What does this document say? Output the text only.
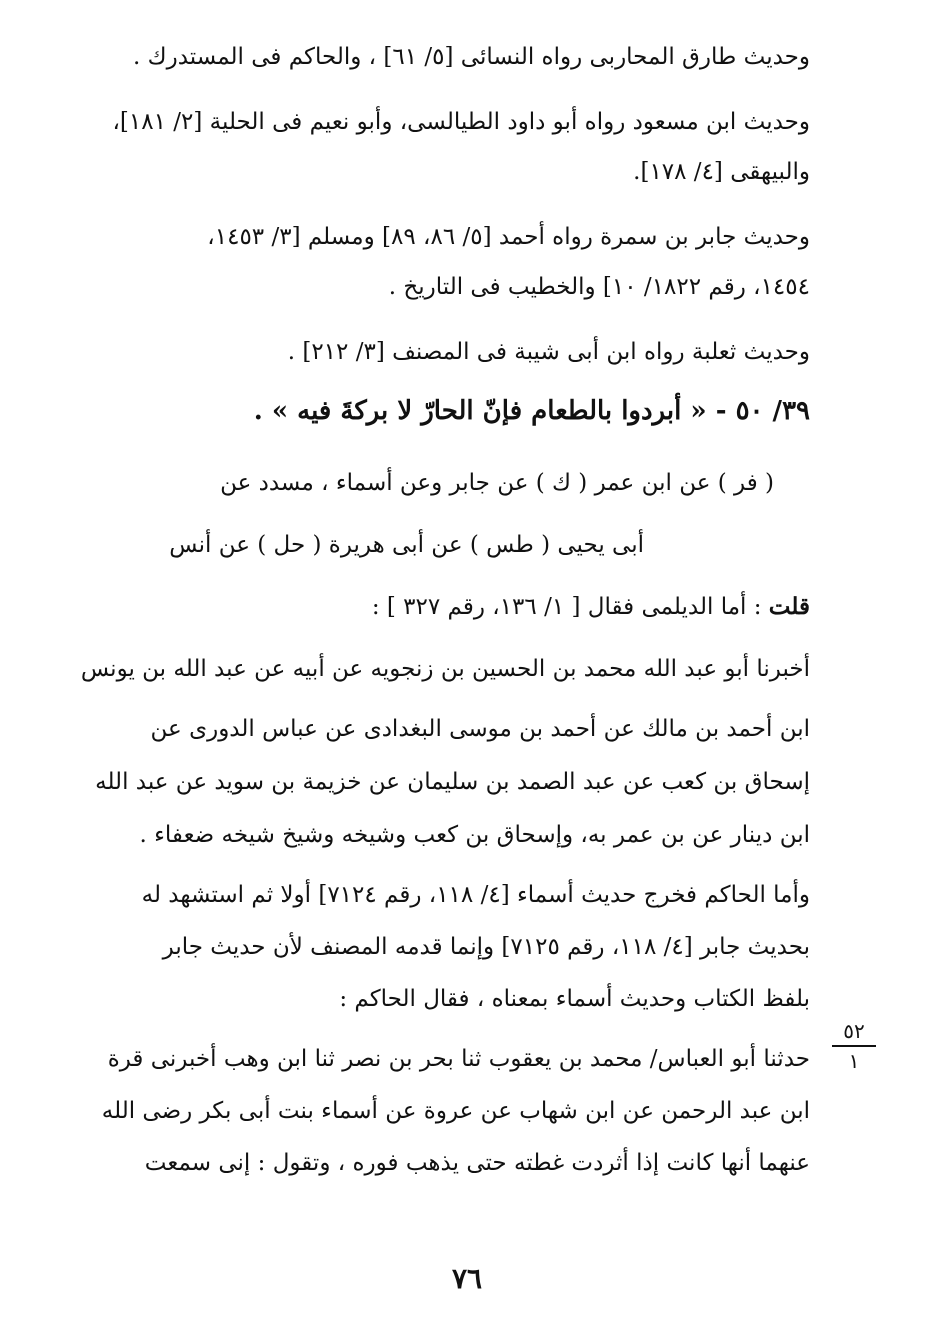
وحديث طارق المحاربى رواه النسائى [٥/ ٦١] ، والحاكم فى المستدرك .

وحديث ابن مسعود رواه أبو داود الطيالسى، وأبو نعيم فى الحلية [٢/ ١٨١]،

والبيهقى [٤/ ١٧٨].

وحديث جابر بن سمرة رواه أحمد [٥/ ٨٦، ٨٩] ومسلم [٣/ ١٤٥٣،

١٤٥٤، رقم ١٨٢٢/ ١٠] والخطيب فى التاريخ .

وحديث ثعلبة رواه ابن أبى شيبة فى المصنف [٣/ ٢١٢] .

٣٩/ ٥٠ - « أبردوا بالطعام فإنّ الحارّ لا بركةَ فيه » .

( فر ) عن ابن عمر ( ك ) عن جابر وعن أسماء ، مسدد عن

أبى يحيى ( طس ) عن أبى هريرة ( حل ) عن أنس

قلت : أما الديلمى فقال [ ١/ ١٣٦، رقم ٣٢٧ ] :

أخبرنا أبو عبد الله محمد بن الحسين بن زنجويه عن أبيه عن عبد الله بن يونس

ابن أحمد بن مالك عن أحمد بن موسى البغدادى عن عباس الدورى عن

إسحاق بن كعب عن عبد الصمد بن سليمان عن خزيمة بن سويد عن عبد الله

ابن دينار عن بن عمر به، وإسحاق بن كعب وشيخه وشيخ شيخه ضعفاء .

وأما الحاكم فخرج حديث أسماء [٤/ ١١٨، رقم ٧١٢٤] أولا ثم استشهد له

بحديث جابر [٤/ ١١٨، رقم ٧١٢٥] وإنما قدمه المصنف لأن حديث جابر

بلفظ الكتاب وحديث أسماء بمعناه ، فقال الحاكم :

٥٢
١

حدثنا أبو العباس/ محمد بن يعقوب ثنا بحر بن نصر ثنا ابن وهب أخبرنى قرة

ابن عبد الرحمن عن ابن شهاب عن عروة عن أسماء بنت أبى بكر رضى الله

عنهما أنها كانت إذا أثردت غطته حتى يذهب فوره ، وتقول : إنى سمعت

٧٦
